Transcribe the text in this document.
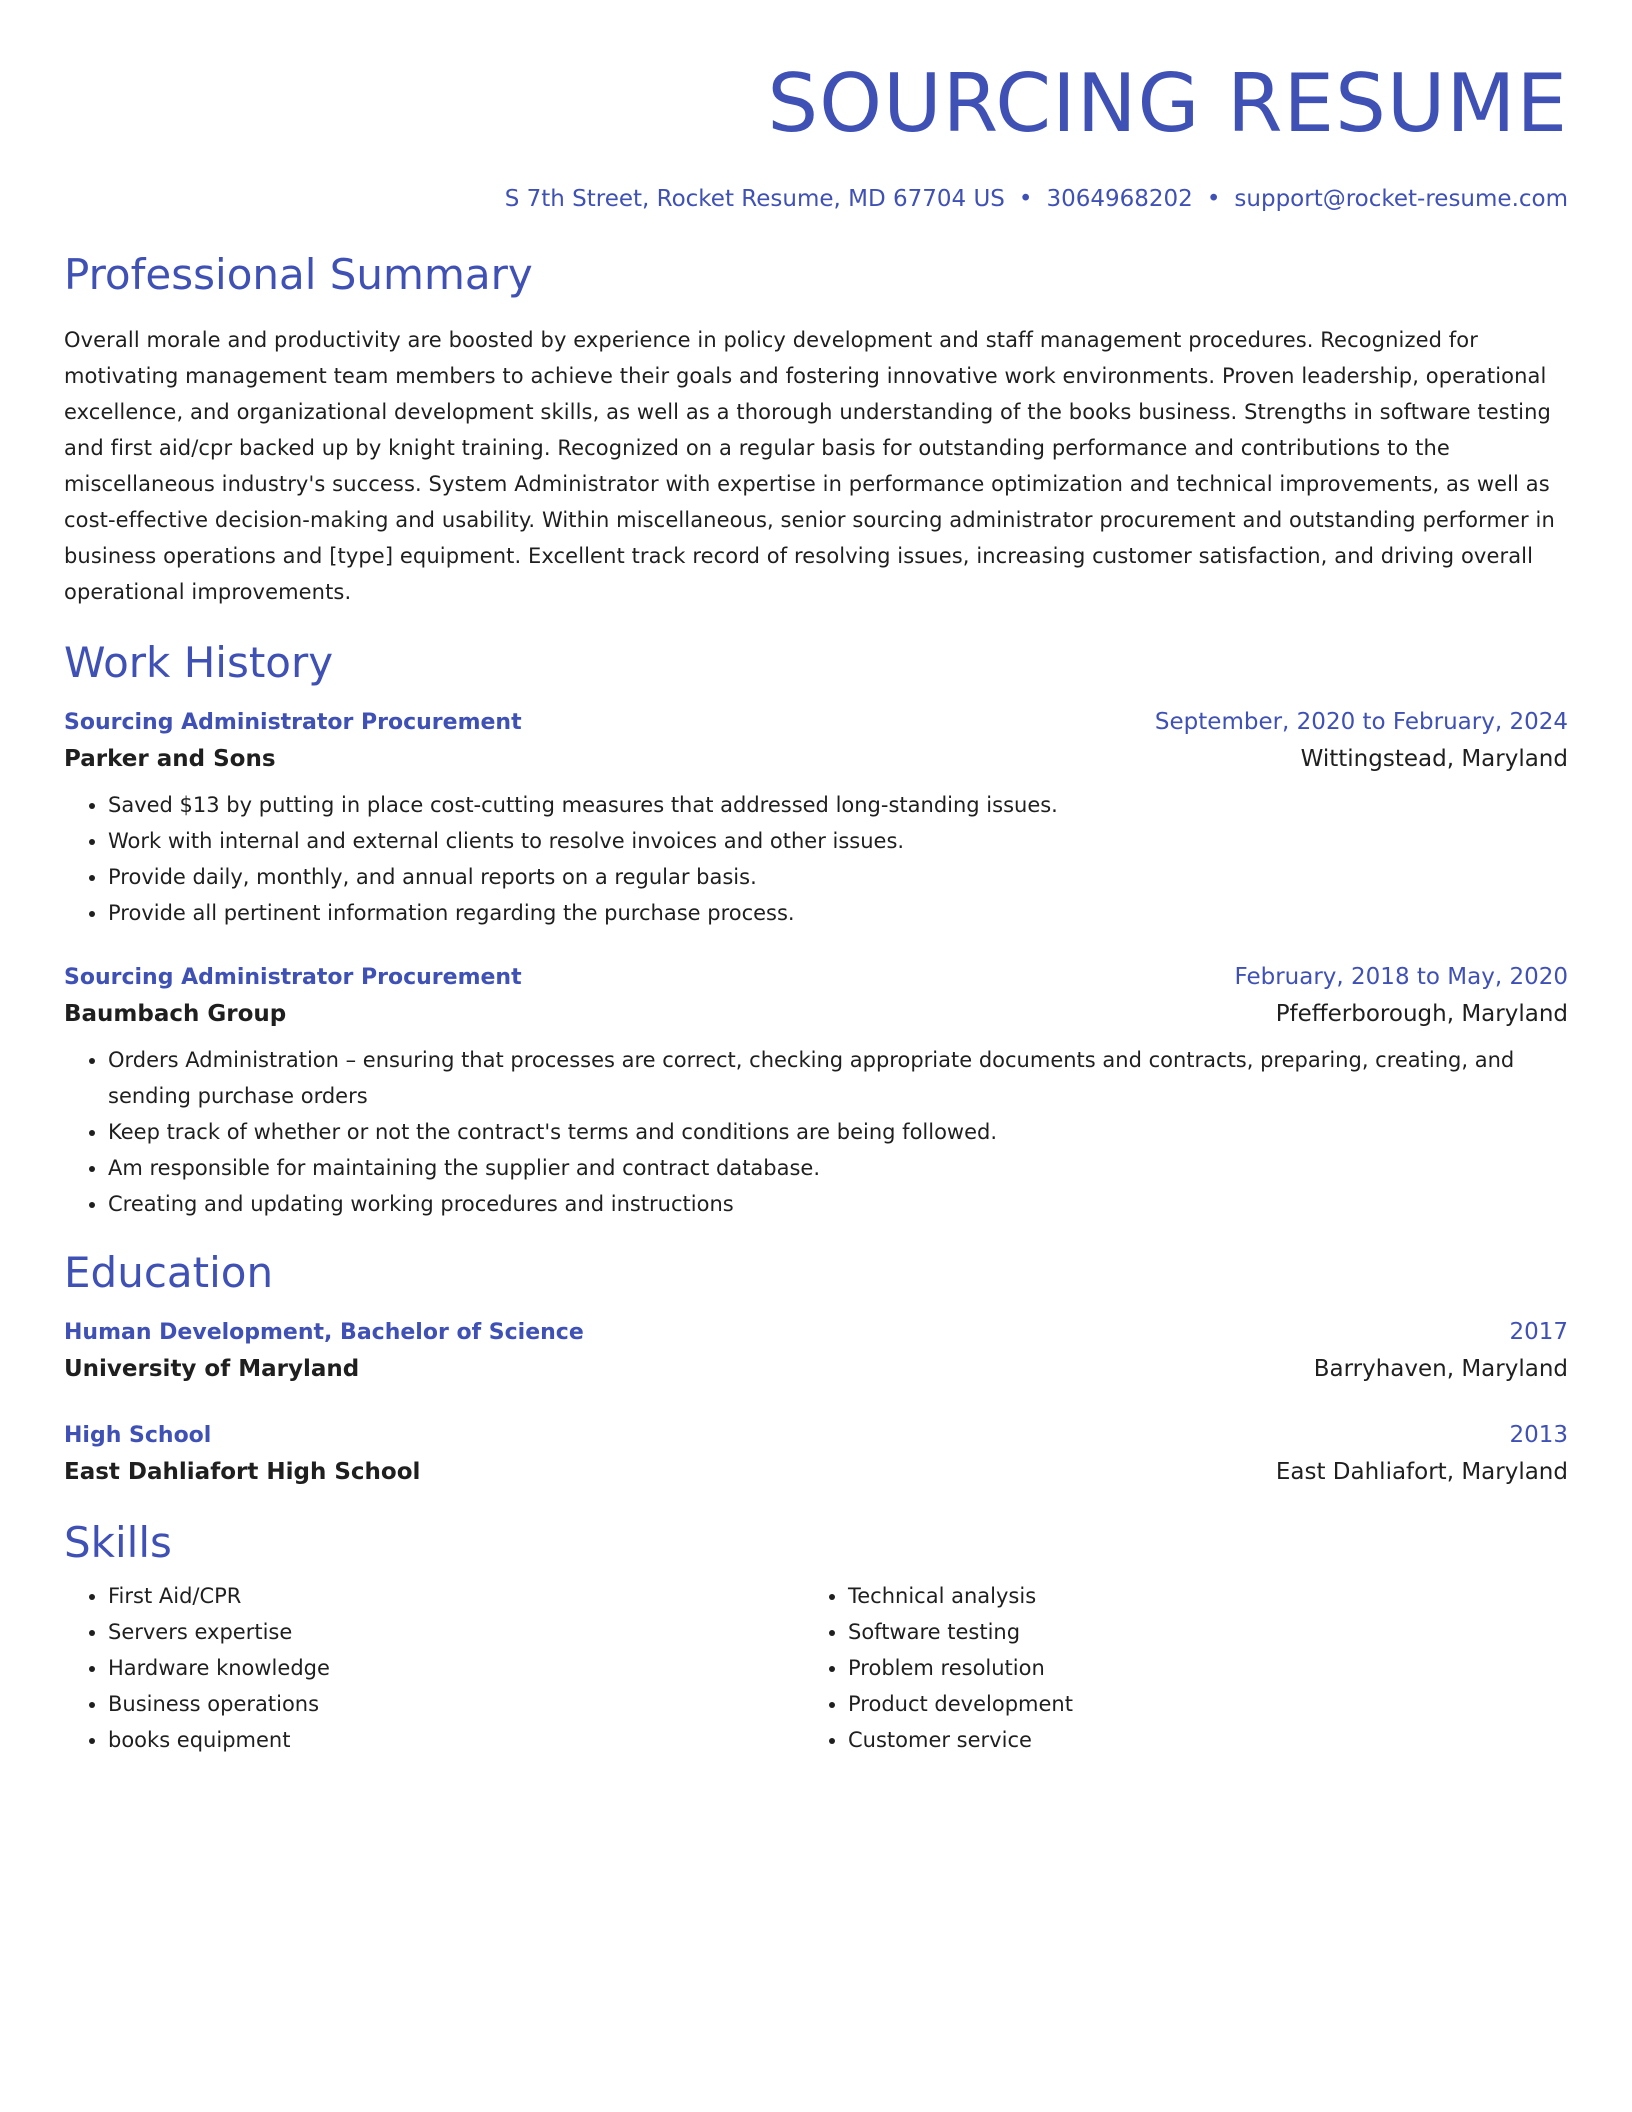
SOURCING RESUME
S 7th Street, Rocket Resume, MD 67704 US • 3064968202 • support@rocket-resume.com
Professional Summary
Overall morale and productivity are boosted by experience in policy development and staff management procedures. Recognized for motivating management team members to achieve their goals and fostering innovative work environments. Proven leadership, operational excellence, and organizational development skills, as well as a thorough understanding of the books business. Strengths in software testing and first aid/cpr backed up by knight training. Recognized on a regular basis for outstanding performance and contributions to the miscellaneous industry's success. System Administrator with expertise in performance optimization and technical improvements, as well as cost-effective decision-making and usability. Within miscellaneous, senior sourcing administrator procurement and outstanding performer in business operations and [type] equipment. Excellent track record of resolving issues, increasing customer satisfaction, and driving overall operational improvements.
Work History
Sourcing Administrator Procurement	September, 2020 to February, 2024
Parker and Sons	Wittingstead, Maryland
• Saved $13 by putting in place cost-cutting measures that addressed long-standing issues.
• Work with internal and external clients to resolve invoices and other issues.
• Provide daily, monthly, and annual reports on a regular basis.
• Provide all pertinent information regarding the purchase process.
Sourcing Administrator Procurement	February, 2018 to May, 2020
Baumbach Group	Pfefferborough, Maryland
• Orders Administration – ensuring that processes are correct, checking appropriate documents and contracts, preparing, creating, and sending purchase orders
• Keep track of whether or not the contract's terms and conditions are being followed.
• Am responsible for maintaining the supplier and contract database.
• Creating and updating working procedures and instructions
Education
Human Development, Bachelor of Science	2017
University of Maryland	Barryhaven, Maryland
High School	2013
East Dahliafort High School	East Dahliafort, Maryland
Skills
• First Aid/CPR
• Servers expertise
• Hardware knowledge
• Business operations
• books equipment
• Technical analysis
• Software testing
• Problem resolution
• Product development
• Customer service
